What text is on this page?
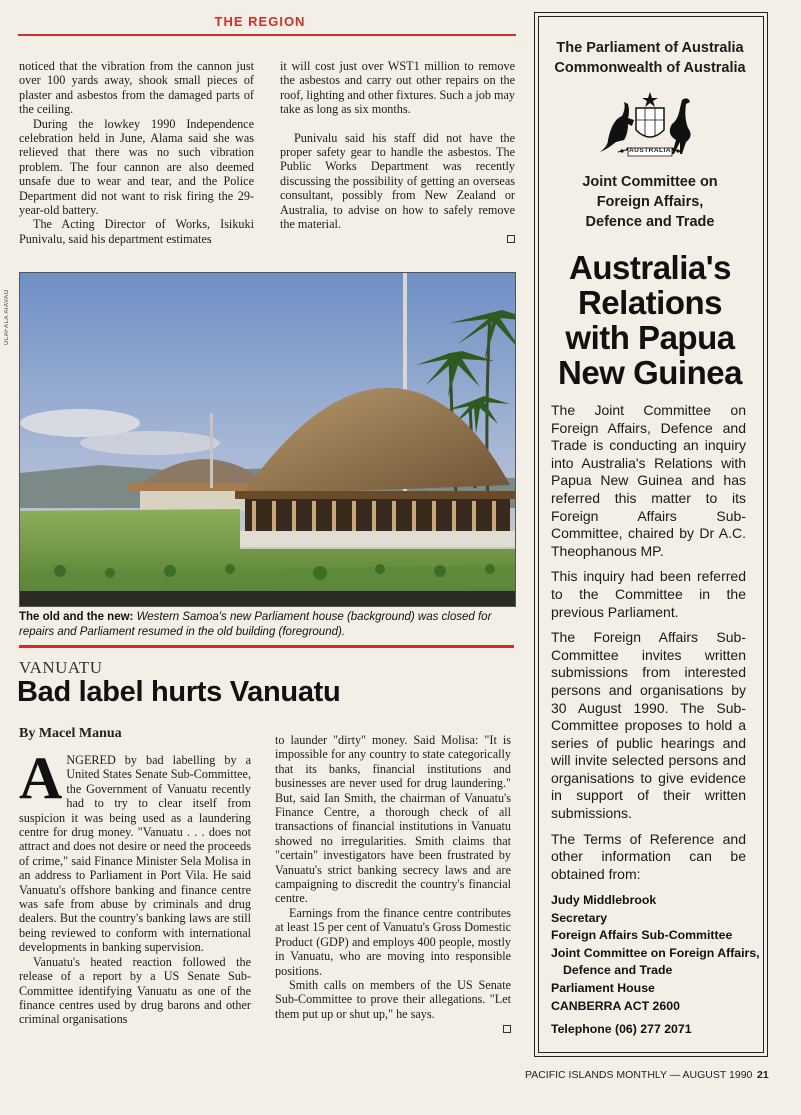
THE REGION

noticed that the vibration from the cannon just over 100 yards away, shook small pieces of plaster and asbestos from the damaged parts of the ceiling.

During the lowkey 1990 Independence celebration held in June, Alama said she was relieved that there was no such vibration problem. The four cannon are also deemed unsafe due to wear and tear, and the Police Department did not want to risk firing the 29-year-old battery.

The Acting Director of Works, Isikuki Punivalu, said his department estimates

it will cost just over WST1 million to remove the asbestos and carry out other repairs on the roof, lighting and other fixtures. Such a job may take as long as six months.

Punivalu said his staff did not have the proper safety gear to handle the asbestos. The Public Works Department was recently discussing the possibility of getting an overseas consultant, possibly from New Zealand or Australia, to advise on how to safely remove the material.

ULAFALA AIAVAO
The old and the new: Western Samoa's new Parliament house (background) was closed for repairs and Parliament resumed in the old building (foreground).
VANUATU
Bad label hurts Vanuatu
By Macel Manua

ANGERED by bad labelling by a United States Senate Sub-Committee, the Government of Vanuatu recently had to try to clear itself from suspicion it was being used as a laundering centre for drug money. "Vanuatu . . . does not attract and does not desire or need the proceeds of crime," said Finance Minister Sela Molisa in an address to Parliament in Port Vila. He said Vanuatu's offshore banking and finance centre was safe from abuse by criminals and drug dealers. But the country's banking laws are still being reviewed to conform with international developments in banking supervision.

Vanuatu's heated reaction followed the release of a report by a US Senate Sub-Committee identifying Vanuatu as one of the finance centres used by drug barons and other criminal organisations

to launder "dirty" money. Said Molisa: "It is impossible for any country to state categorically that its banks, financial institutions and businesses are never used for drug laundering." But, said Ian Smith, the chairman of Vanuatu's Finance Centre, a thorough check of all transactions of financial institutions in Vanuatu showed no irregularities. Smith claims that "certain" investigators have been frustrated by Vanuatu's strict banking secrecy laws and are campaigning to discredit the country's financial centre.

Earnings from the finance centre contributes at least 15 per cent of Vanuatu's Gross Domestic Product (GDP) and employs 400 people, mostly in Vanuatu, who are moving into responsible positions.

Smith calls on members of the US Senate Sub-Committee to prove their allegations. "Let them put up or shut up," he says.

The Parliament of Australia
Commonwealth of Australia
AUSTRALIA
Joint Committee on
Foreign Affairs,
Defence and Trade
Australia's
Relations
with Papua
New Guinea

The Joint Committee on Foreign Affairs, Defence and Trade is conducting an inquiry into Australia's Relations with Papua New Guinea and has referred this matter to its Foreign Affairs Sub-Committee, chaired by Dr A.C. Theophanous MP.

This inquiry had been referred to the Committee in the previous Parliament.

The Foreign Affairs Sub-Committee invites written submissions from interested persons and organisations by 30 August 1990. The Sub-Committee proposes to hold a series of public hearings and will invite selected persons and organisations to give evidence in support of their written submissions.

The Terms of Reference and other information can be obtained from:

Judy Middlebrook
Secretary
Foreign Affairs Sub-Committee
Joint Committee on Foreign Affairs,
Defence and Trade
Parliament House
CANBERRA ACT 2600
Telephone (06) 277 2071
PACIFIC ISLANDS MONTHLY — AUGUST 1990 21
